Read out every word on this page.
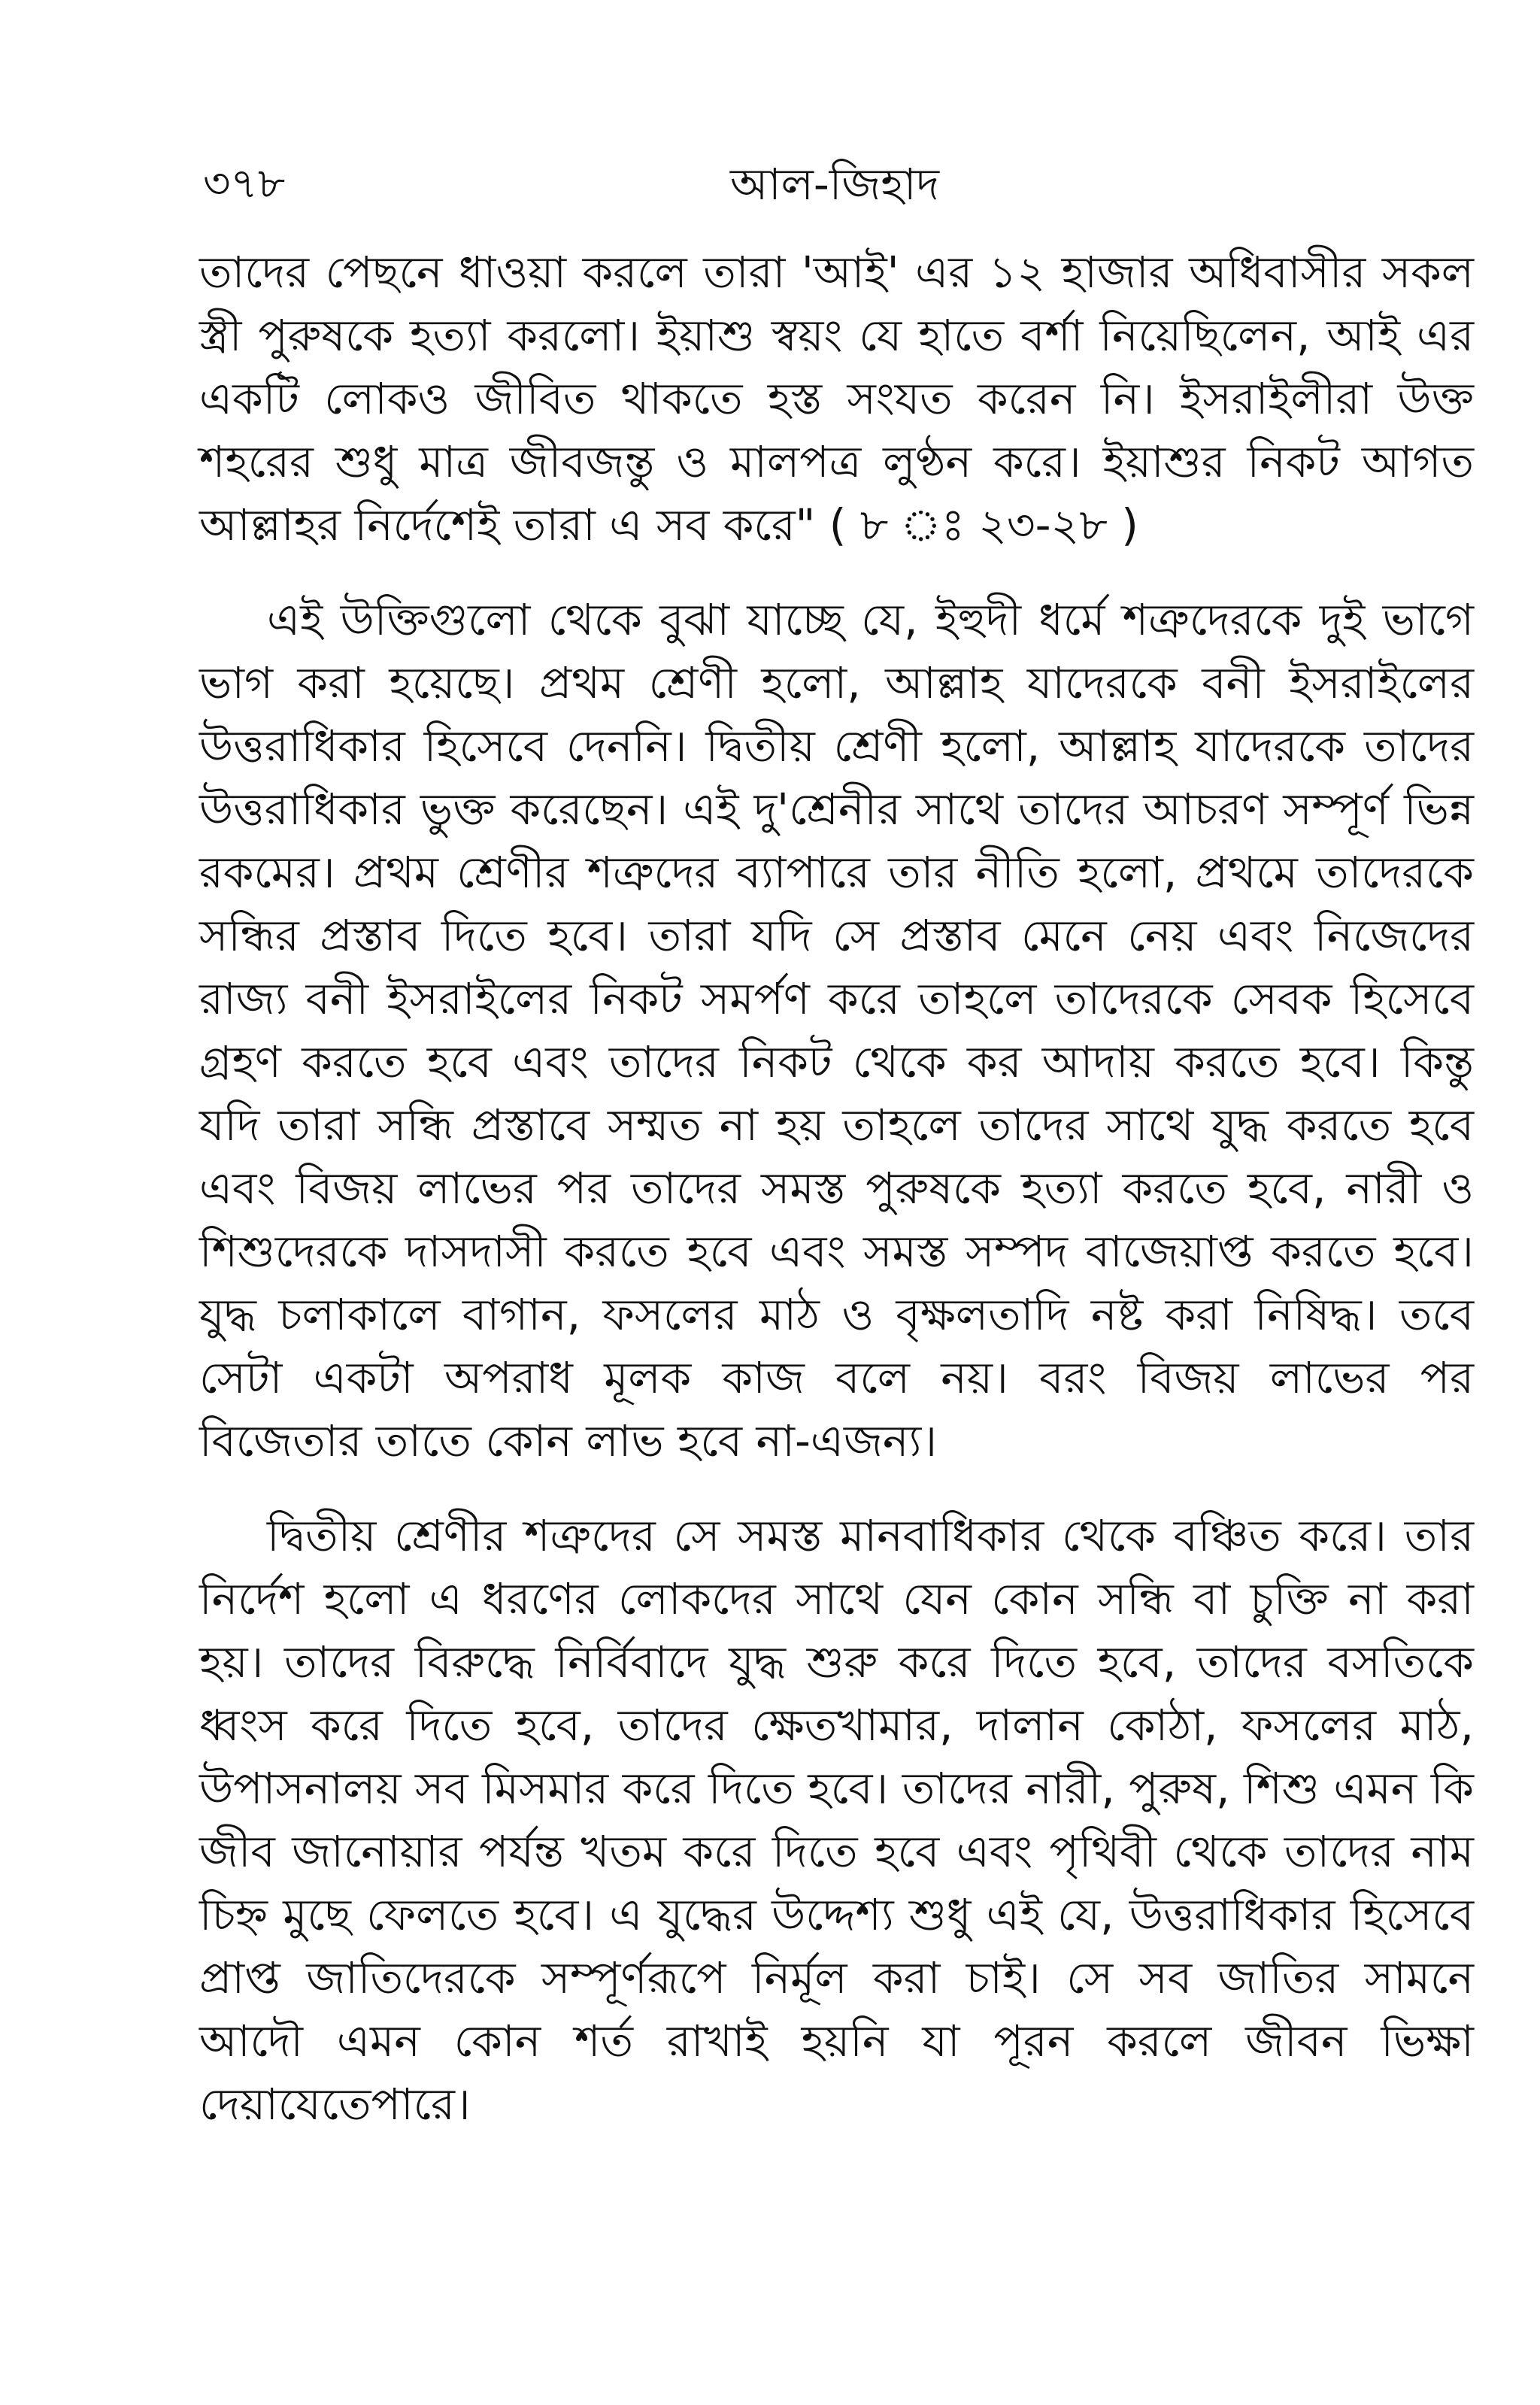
৩৭৮	আল-জিহাদ

তাদের পেছনে ধাওয়া করলে তারা 'আই' এর ১২ হাজার অধিবাসীর সকল স্ত্রী পুরুষকে হত্যা করলো। ইয়াশু স্বয়ং যে হাতে বর্শা নিয়েছিলেন, আই এর একটি লোকও জীবিত থাকতে হস্ত সংযত করেন নি। ইসরাইলীরা উক্ত শহরের শুধু মাত্র জীবজন্তু ও মালপত্র লুণ্ঠন করে। ইয়াশুর নিকট আগত আল্লাহর নির্দেশেই তারা এ সব করে" ( ৮ ঃ ২৩-২৮ )

এই উক্তিগুলো থেকে বুঝা যাচ্ছে যে, ইহুদী ধর্মে শত্রুদেরকে দুই ভাগে ভাগ করা হয়েছে। প্রথম শ্রেণী হলো, আল্লাহ যাদেরকে বনী ইসরাইলের উত্তরাধিকার হিসেবে দেননি। দ্বিতীয় শ্রেণী হলো, আল্লাহ যাদেরকে তাদের উত্তরাধিকার ভুক্ত করেছেন। এই দু'শ্রেনীর সাথে তাদের আচরণ সম্পূর্ণ ভিন্ন রকমের। প্রথম শ্রেণীর শত্রুদের ব্যাপারে তার নীতি হলো, প্রথমে তাদেরকে সন্ধির প্রস্তাব দিতে হবে। তারা যদি সে প্রস্তাব মেনে নেয় এবং নিজেদের রাজ্য বনী ইসরাইলের নিকট সমর্পণ করে তাহলে তাদেরকে সেবক হিসেবে গ্রহণ করতে হবে এবং তাদের নিকট থেকে কর আদায় করতে হবে। কিন্তু যদি তারা সন্ধি প্রস্তাবে সম্মত না হয় তাহলে তাদের সাথে যুদ্ধ করতে হবে এবং বিজয় লাভের পর তাদের সমস্ত পুরুষকে হত্যা করতে হবে, নারী ও শিশুদেরকে দাসদাসী করতে হবে এবং সমস্ত সম্পদ বাজেয়াপ্ত করতে হবে। যুদ্ধ চলাকালে বাগান, ফসলের মাঠ ও বৃক্ষলতাদি নষ্ট করা নিষিদ্ধ। তবে সেটা একটা অপরাধ মূলক কাজ বলে নয়। বরং বিজয় লাভের পর বিজেতার তাতে কোন লাভ হবে না-এজন্য।

দ্বিতীয় শ্রেণীর শত্রুদের সে সমস্ত মানবাধিকার থেকে বঞ্চিত করে। তার নির্দেশ হলো এ ধরণের লোকদের সাথে যেন কোন সন্ধি বা চুক্তি না করা হয়। তাদের বিরুদ্ধে নির্বিবাদে যুদ্ধ শুরু করে দিতে হবে, তাদের বসতিকে ধ্বংস করে দিতে হবে, তাদের ক্ষেতখামার, দালান কোঠা, ফসলের মাঠ, উপাসনালয় সব মিসমার করে দিতে হবে। তাদের নারী, পুরুষ, শিশু এমন কি জীব জানোয়ার পর্যন্ত খতম করে দিতে হবে এবং পৃথিবী থেকে তাদের নাম চিহ্ন মুছে ফেলতে হবে। এ যুদ্ধের উদ্দেশ্য শুধু এই যে, উত্তরাধিকার হিসেবে প্রাপ্ত জাতিদেরকে সম্পূর্ণরূপে নির্মূল করা চাই। সে সব জাতির সামনে আদৌ এমন কোন শর্ত রাখাই হয়নি যা পূরন করলে জীবন ভিক্ষা দেয়াযেতেপারে।
